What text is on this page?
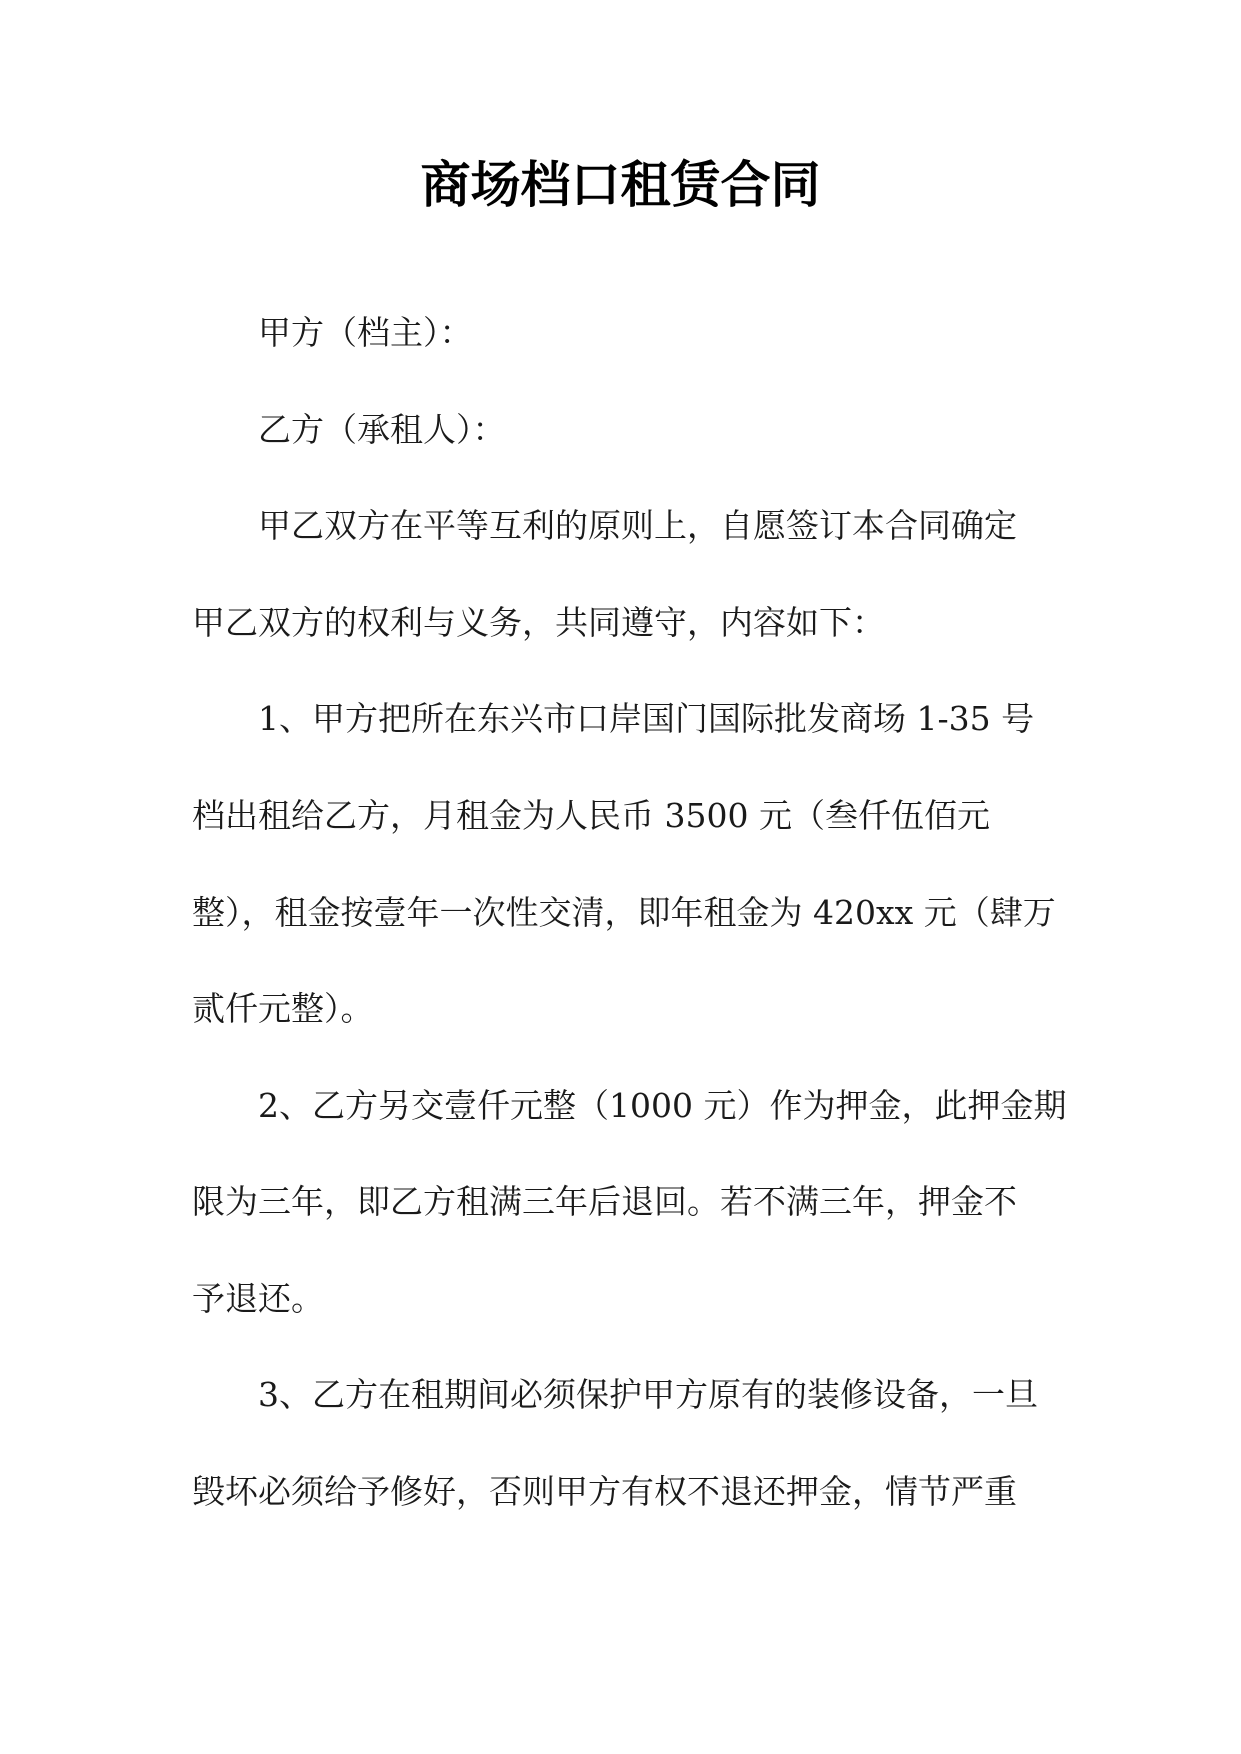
商场档口租赁合同
甲方（档主）：
乙方（承租人）：
甲乙双方在平等互利的原则上，自愿签订本合同确定
甲乙双方的权利与义务，共同遵守，内容如下：
1、甲方把所在东兴市口岸国门国际批发商场 1-35 号
档出租给乙方，月租金为人民币 3500 元（叁仟伍佰元
整），租金按壹年一次性交清，即年租金为 420xx 元（肆万
贰仟元整）。
2、乙方另交壹仟元整（1000 元）作为押金，此押金期
限为三年，即乙方租满三年后退回。若不满三年，押金不
予退还。
3、乙方在租期间必须保护甲方原有的装修设备，一旦
毁坏必须给予修好，否则甲方有权不退还押金，情节严重
